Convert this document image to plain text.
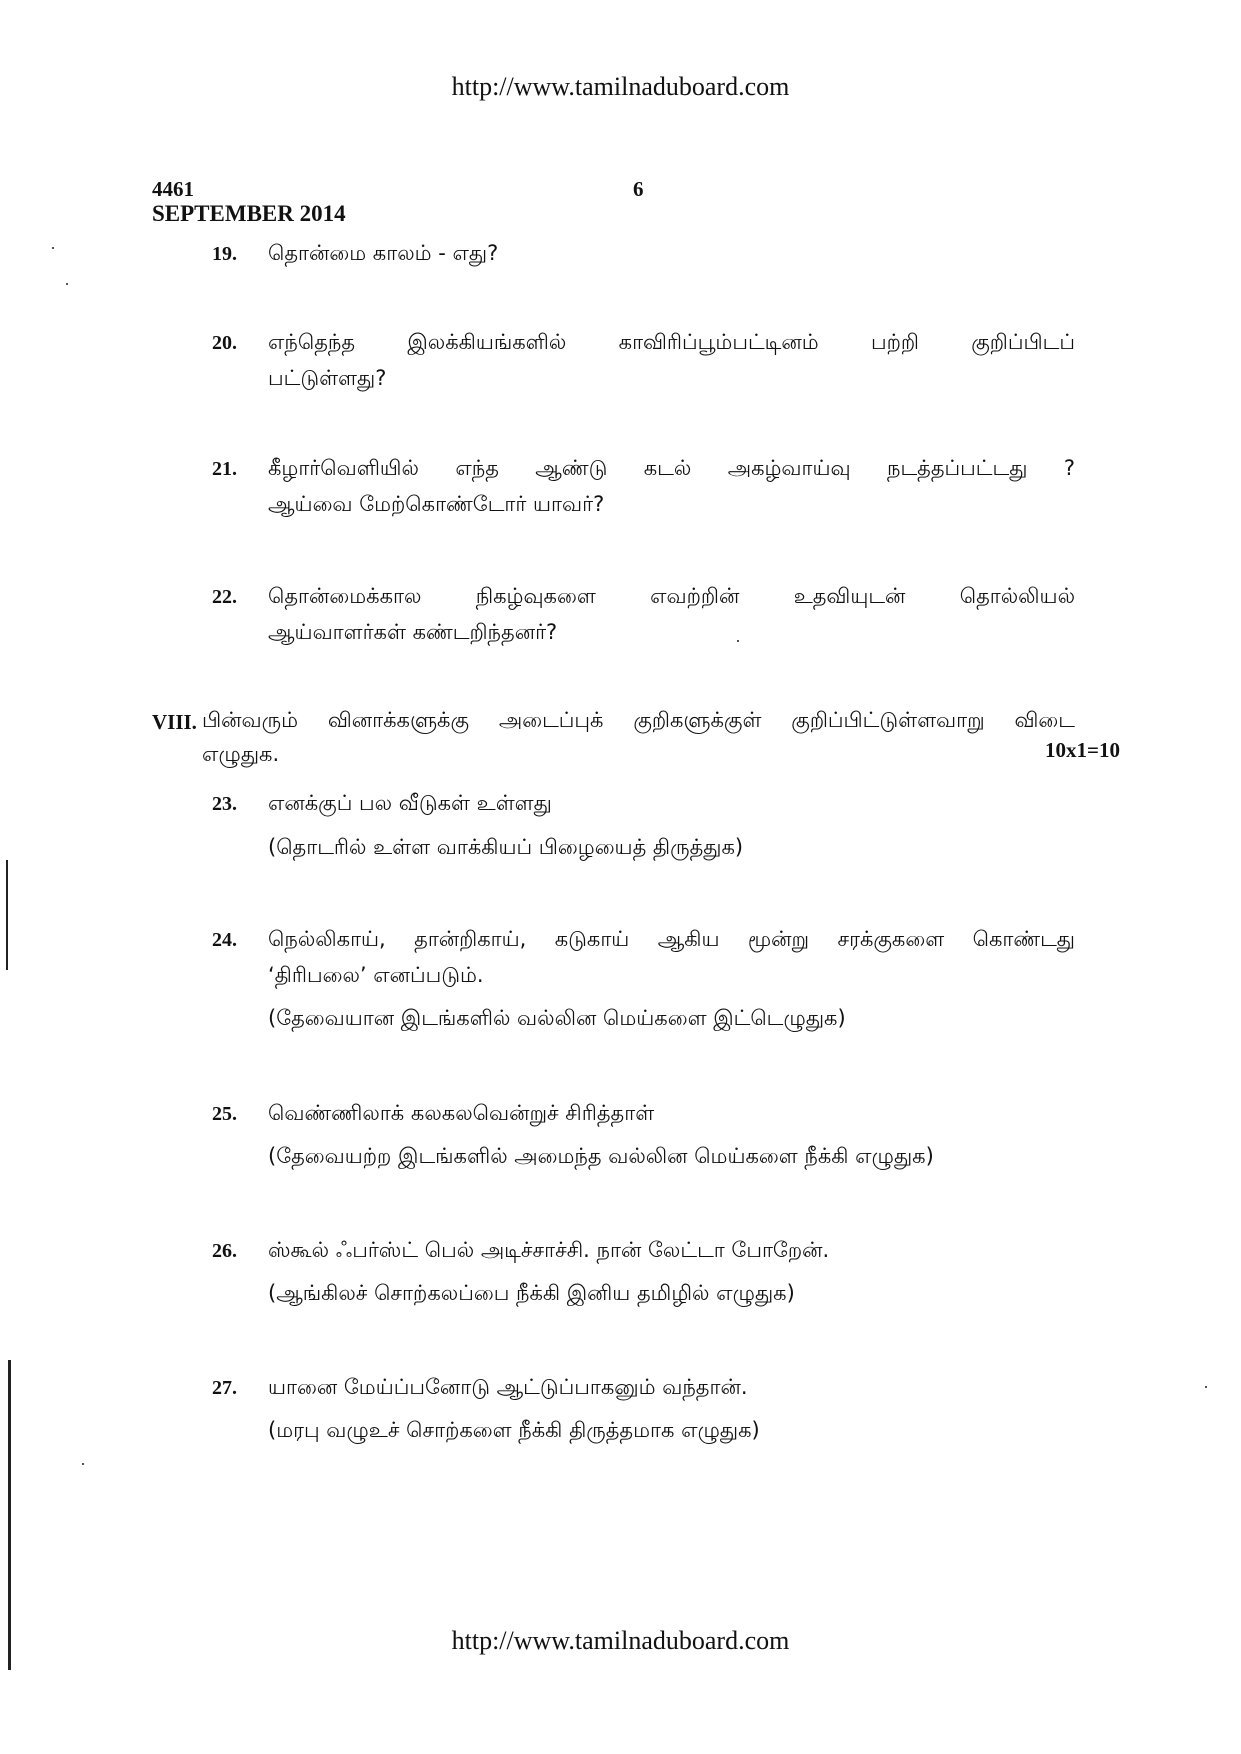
http://www.tamilnaduboard.com
4461	6
SEPTEMBER 2014
19. தொன்மை காலம் - எது?
20. எந்தெந்த இலக்கியங்களில் காவிரிப்பூம்பட்டினம் பற்றி குறிப்பிடப்
பட்டுள்ளது?
21. கீழார்வெளியில் எந்த ஆண்டு கடல் அகழ்வாய்வு நடத்தப்பட்டது ?
ஆய்வை மேற்கொண்டோர் யாவர்?
22. தொன்மைக்கால நிகழ்வுகளை எவற்றின் உதவியுடன் தொல்லியல்
ஆய்வாளர்கள் கண்டறிந்தனர்?
VIII. பின்வரும் வினாக்களுக்கு அடைப்புக் குறிகளுக்குள் குறிப்பிட்டுள்ளவாறு விடை
எழுதுக.	10x1=10
23. எனக்குப் பல வீடுகள் உள்ளது
(தொடரில் உள்ள வாக்கியப் பிழையைத் திருத்துக)
24. நெல்லிகாய், தான்றிகாய், கடுகாய் ஆகிய மூன்று சரக்குகளை கொண்டது
‘திரிபலை’ எனப்படும்.
(தேவையான இடங்களில் வல்லின மெய்களை இட்டெழுதுக)
25. வெண்ணிலாக் கலகலவென்றுச் சிரித்தாள்
(தேவையற்ற இடங்களில் அமைந்த வல்லின மெய்களை நீக்கி எழுதுக)
26. ஸ்கூல் ஃபர்ஸ்ட் பெல் அடிச்சாச்சி. நான் லேட்டா போறேன்.
(ஆங்கிலச் சொற்கலப்பை நீக்கி இனிய தமிழில் எழுதுக)
27. யானை மேய்ப்பனோடு ஆட்டுப்பாகனும் வந்தான்.
(மரபு வழுஉச் சொற்களை நீக்கி திருத்தமாக எழுதுக)
http://www.tamilnaduboard.com
